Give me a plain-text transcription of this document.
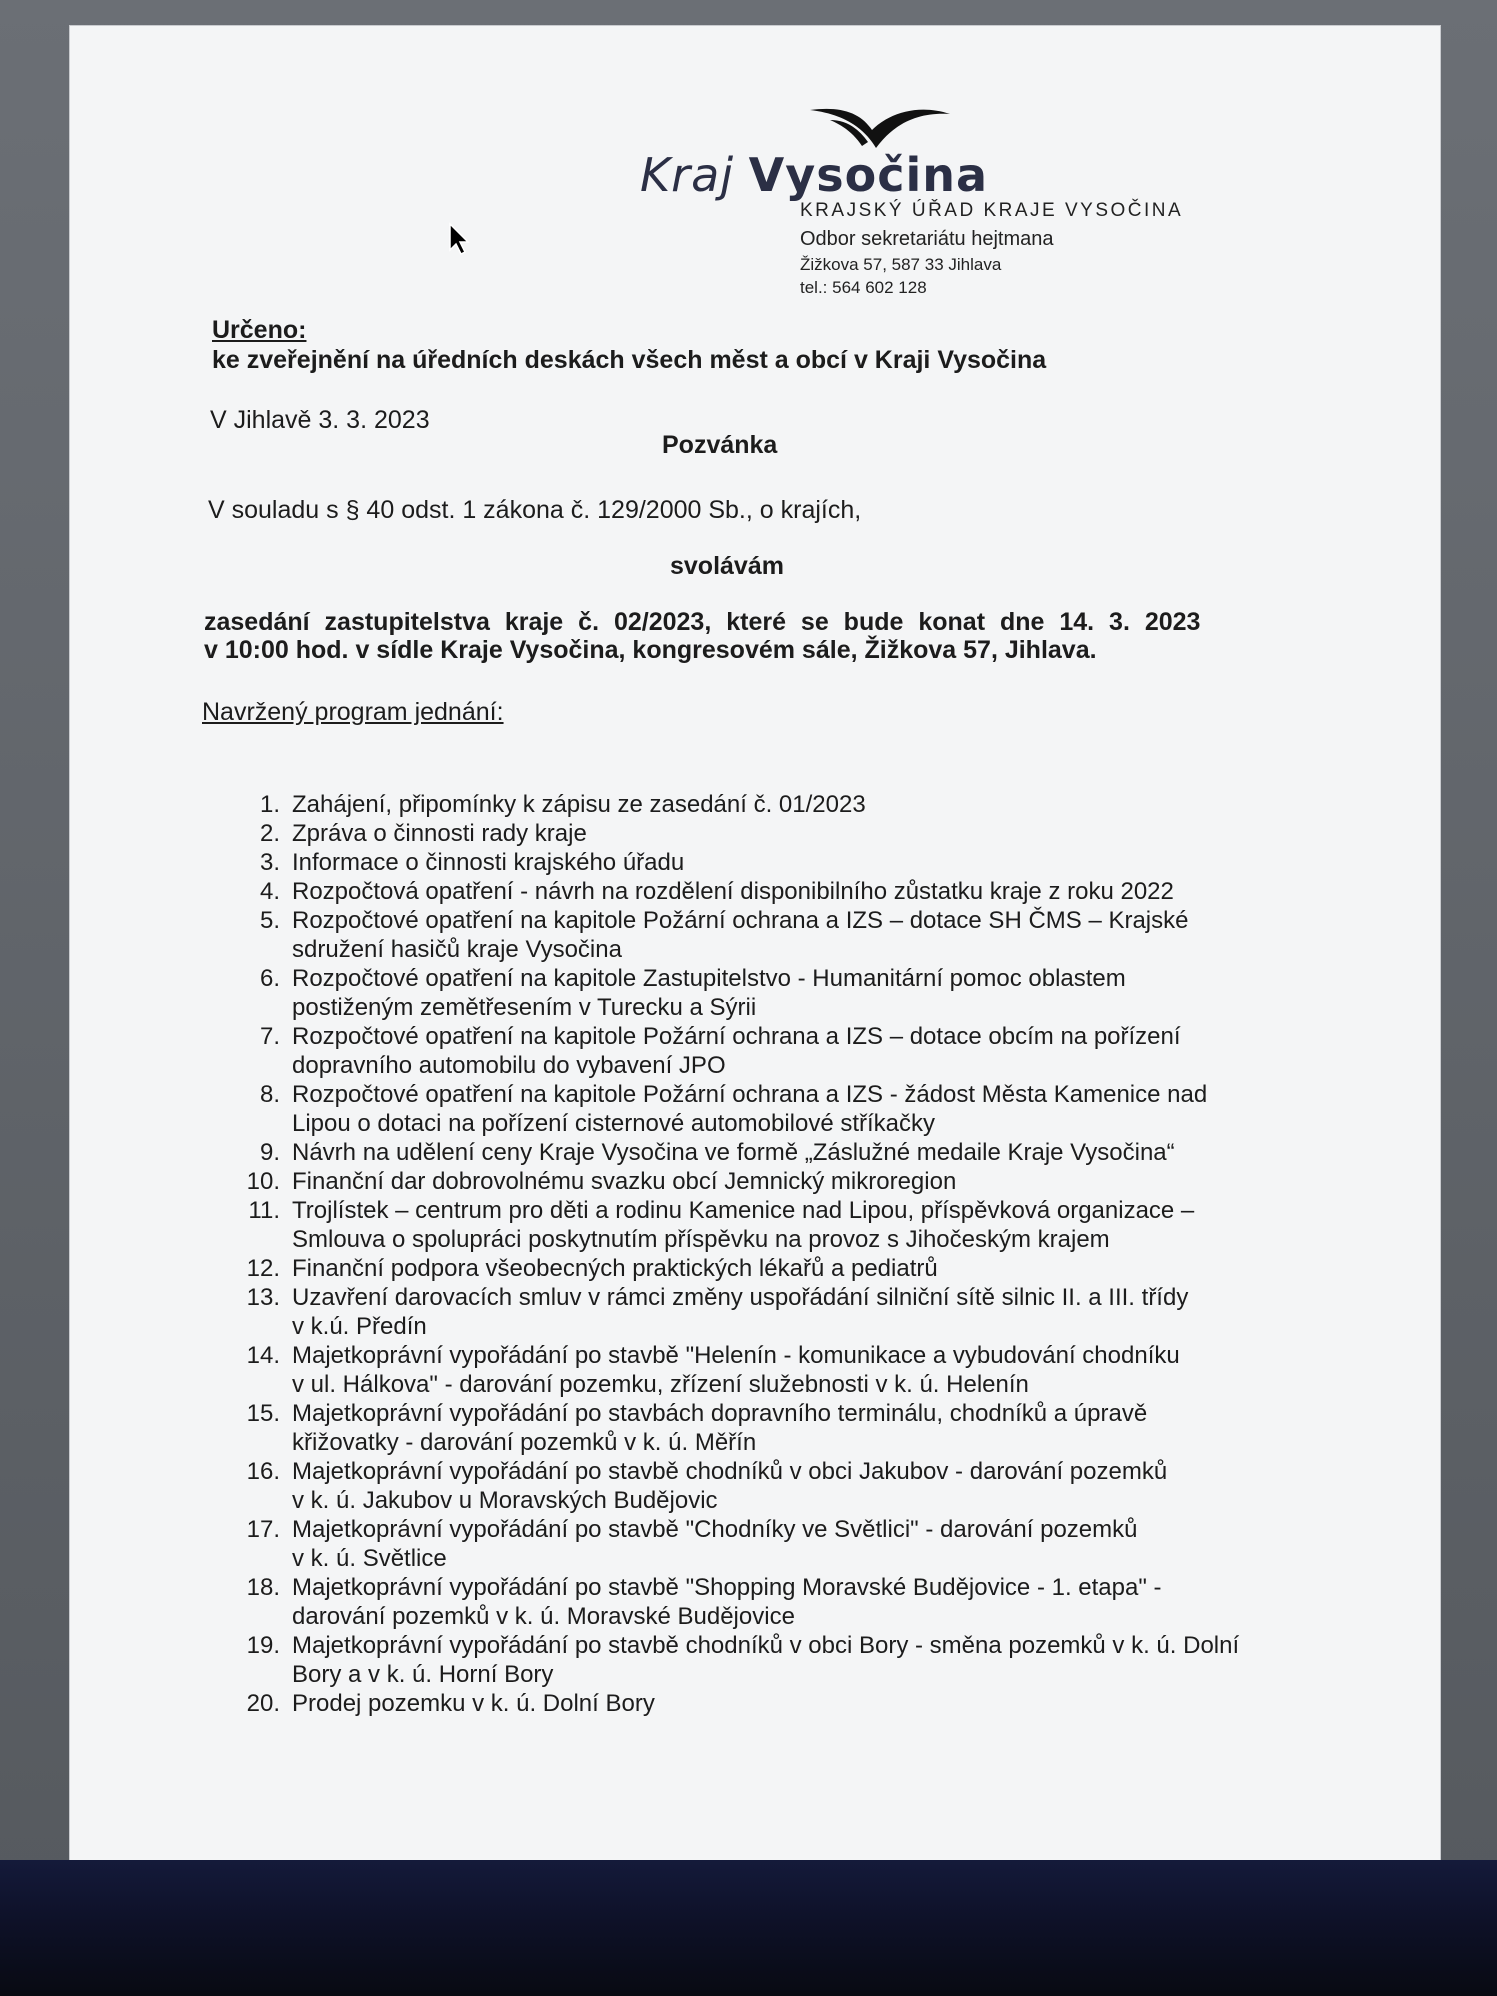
Kraj Vysočina
KRAJSKÝ ÚŘAD KRAJE VYSOČINA
Odbor sekretariátu hejtmana
Žižkova 57, 587 33 Jihlava
tel.: 564 602 128
Určeno:
ke zveřejnění na úředních deskách všech měst a obcí v Kraji Vysočina
V Jihlavě 3. 3. 2023
Pozvánka
V souladu s § 40 odst. 1 zákona č. 129/2000 Sb., o krajích,
svolávám
zasedání zastupitelstva kraje č. 02/2023, které se bude konat dne 14. 3. 2023
v 10:00 hod. v sídle Kraje Vysočina, kongresovém sále, Žižkova 57, Jihlava.
Navržený program jednání:
1. Zahájení, připomínky k zápisu ze zasedání č. 01/2023
2. Zpráva o činnosti rady kraje
3. Informace o činnosti krajského úřadu
4. Rozpočtová opatření - návrh na rozdělení disponibilního zůstatku kraje z roku 2022
5. Rozpočtové opatření na kapitole Požární ochrana a IZS – dotace SH ČMS – Krajské
sdružení hasičů kraje Vysočina
6. Rozpočtové opatření na kapitole Zastupitelstvo - Humanitární pomoc oblastem
postiženým zemětřesením v Turecku a Sýrii
7. Rozpočtové opatření na kapitole Požární ochrana a IZS – dotace obcím na pořízení
dopravního automobilu do vybavení JPO
8. Rozpočtové opatření na kapitole Požární ochrana a IZS - žádost Města Kamenice nad
Lipou o dotaci na pořízení cisternové automobilové stříkačky
9. Návrh na udělení ceny Kraje Vysočina ve formě „Záslužné medaile Kraje Vysočina“
10. Finanční dar dobrovolnému svazku obcí Jemnický mikroregion
11. Trojlístek – centrum pro děti a rodinu Kamenice nad Lipou, příspěvková organizace –
Smlouva o spolupráci poskytnutím příspěvku na provoz s Jihočeským krajem
12. Finanční podpora všeobecných praktických lékařů a pediatrů
13. Uzavření darovacích smluv v rámci změny uspořádání silniční sítě silnic II. a III. třídy
v k.ú. Předín
14. Majetkoprávní vypořádání po stavbě "Helenín - komunikace a vybudování chodníku
v ul. Hálkova" - darování pozemku, zřízení služebnosti v k. ú. Helenín
15. Majetkoprávní vypořádání po stavbách dopravního terminálu, chodníků a úpravě
křižovatky - darování pozemků v k. ú. Měřín
16. Majetkoprávní vypořádání po stavbě chodníků v obci Jakubov - darování pozemků
v k. ú. Jakubov u Moravských Budějovic
17. Majetkoprávní vypořádání po stavbě "Chodníky ve Světlici" - darování pozemků
v k. ú. Světlice
18. Majetkoprávní vypořádání po stavbě "Shopping Moravské Budějovice - 1. etapa" -
darování pozemků v k. ú. Moravské Budějovice
19. Majetkoprávní vypořádání po stavbě chodníků v obci Bory - směna pozemků v k. ú. Dolní
Bory a v k. ú. Horní Bory
20. Prodej pozemku v k. ú. Dolní Bory
